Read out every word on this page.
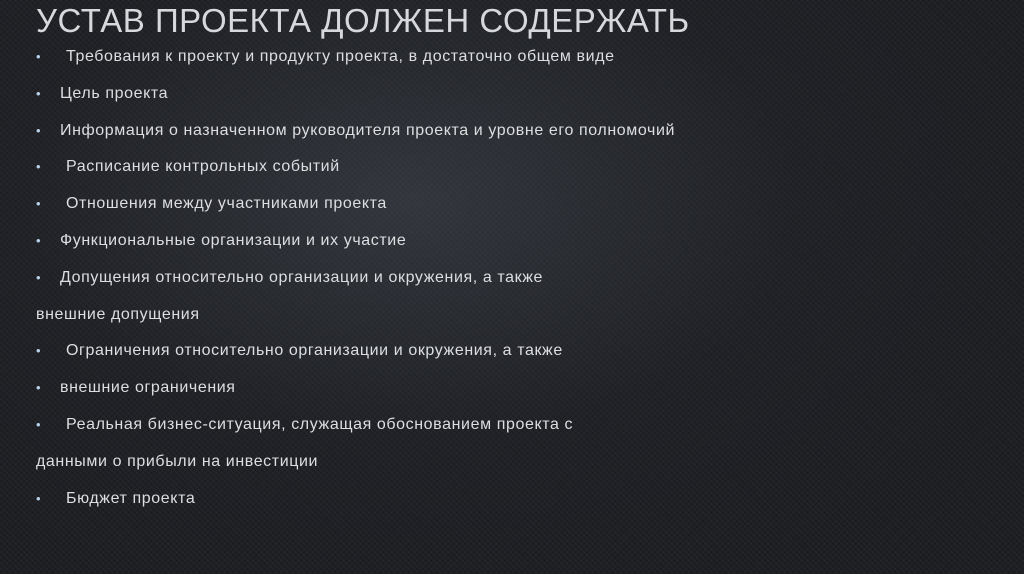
УСТАВ ПРОЕКТА ДОЛЖЕН СОДЕРЖАТЬ
•	Требования к проекту и продукту проекта, в достаточно общем виде
•	Цель проекта
•	Информация о назначенном руководителя проекта и уровне его полномочий
•	Расписание контрольных событий
•	Отношения между участниками проекта
•	Функциональные организации и их участие
•	Допущения относительно организации и окружения, а также
внешние допущения
•	Ограничения относительно организации и окружения, а также
•	внешние ограничения
•	Реальная бизнес-ситуация, служащая обоснованием проекта с
данными о прибыли на инвестиции
•	Бюджет проекта
